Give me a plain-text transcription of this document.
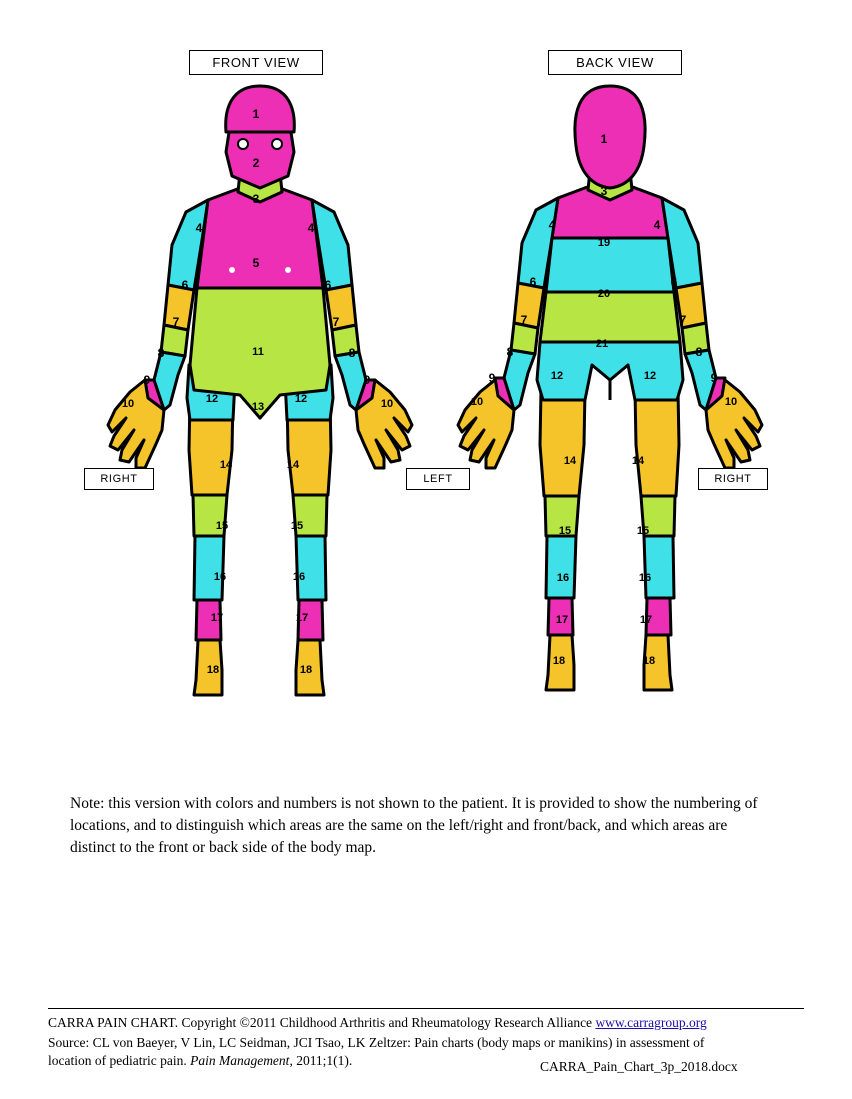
FRONT VIEW	BACK VIEW
1
2
3
4	4
5
6	6
7	7
8	8
9	9
10	10
11
12	12
13
14	14
15	15
16	16
17	17
18	18
1
3
4	4
19
20
21
6	6
7	7
8	8
9	9
10	10
12	12
14	14
15	15
16	16
17	17
18	18
RIGHT	LEFT	RIGHT
Note: this version with colors and numbers is not shown to the patient. It is provided to show the numbering of locations, and to distinguish which areas are the same on the left/right and front/back, and which areas are distinct to the front or back side of the body map.
CARRA PAIN CHART. Copyright ©2011 Childhood Arthritis and Rheumatology Research Alliance www.carragroup.org
Source: CL von Baeyer, V Lin, LC Seidman, JCI Tsao, LK Zeltzer: Pain charts (body maps or manikins) in assessment of
location of pediatric pain. Pain Management, 2011;1(1).	CARRA_Pain_Chart_3p_2018.docx
